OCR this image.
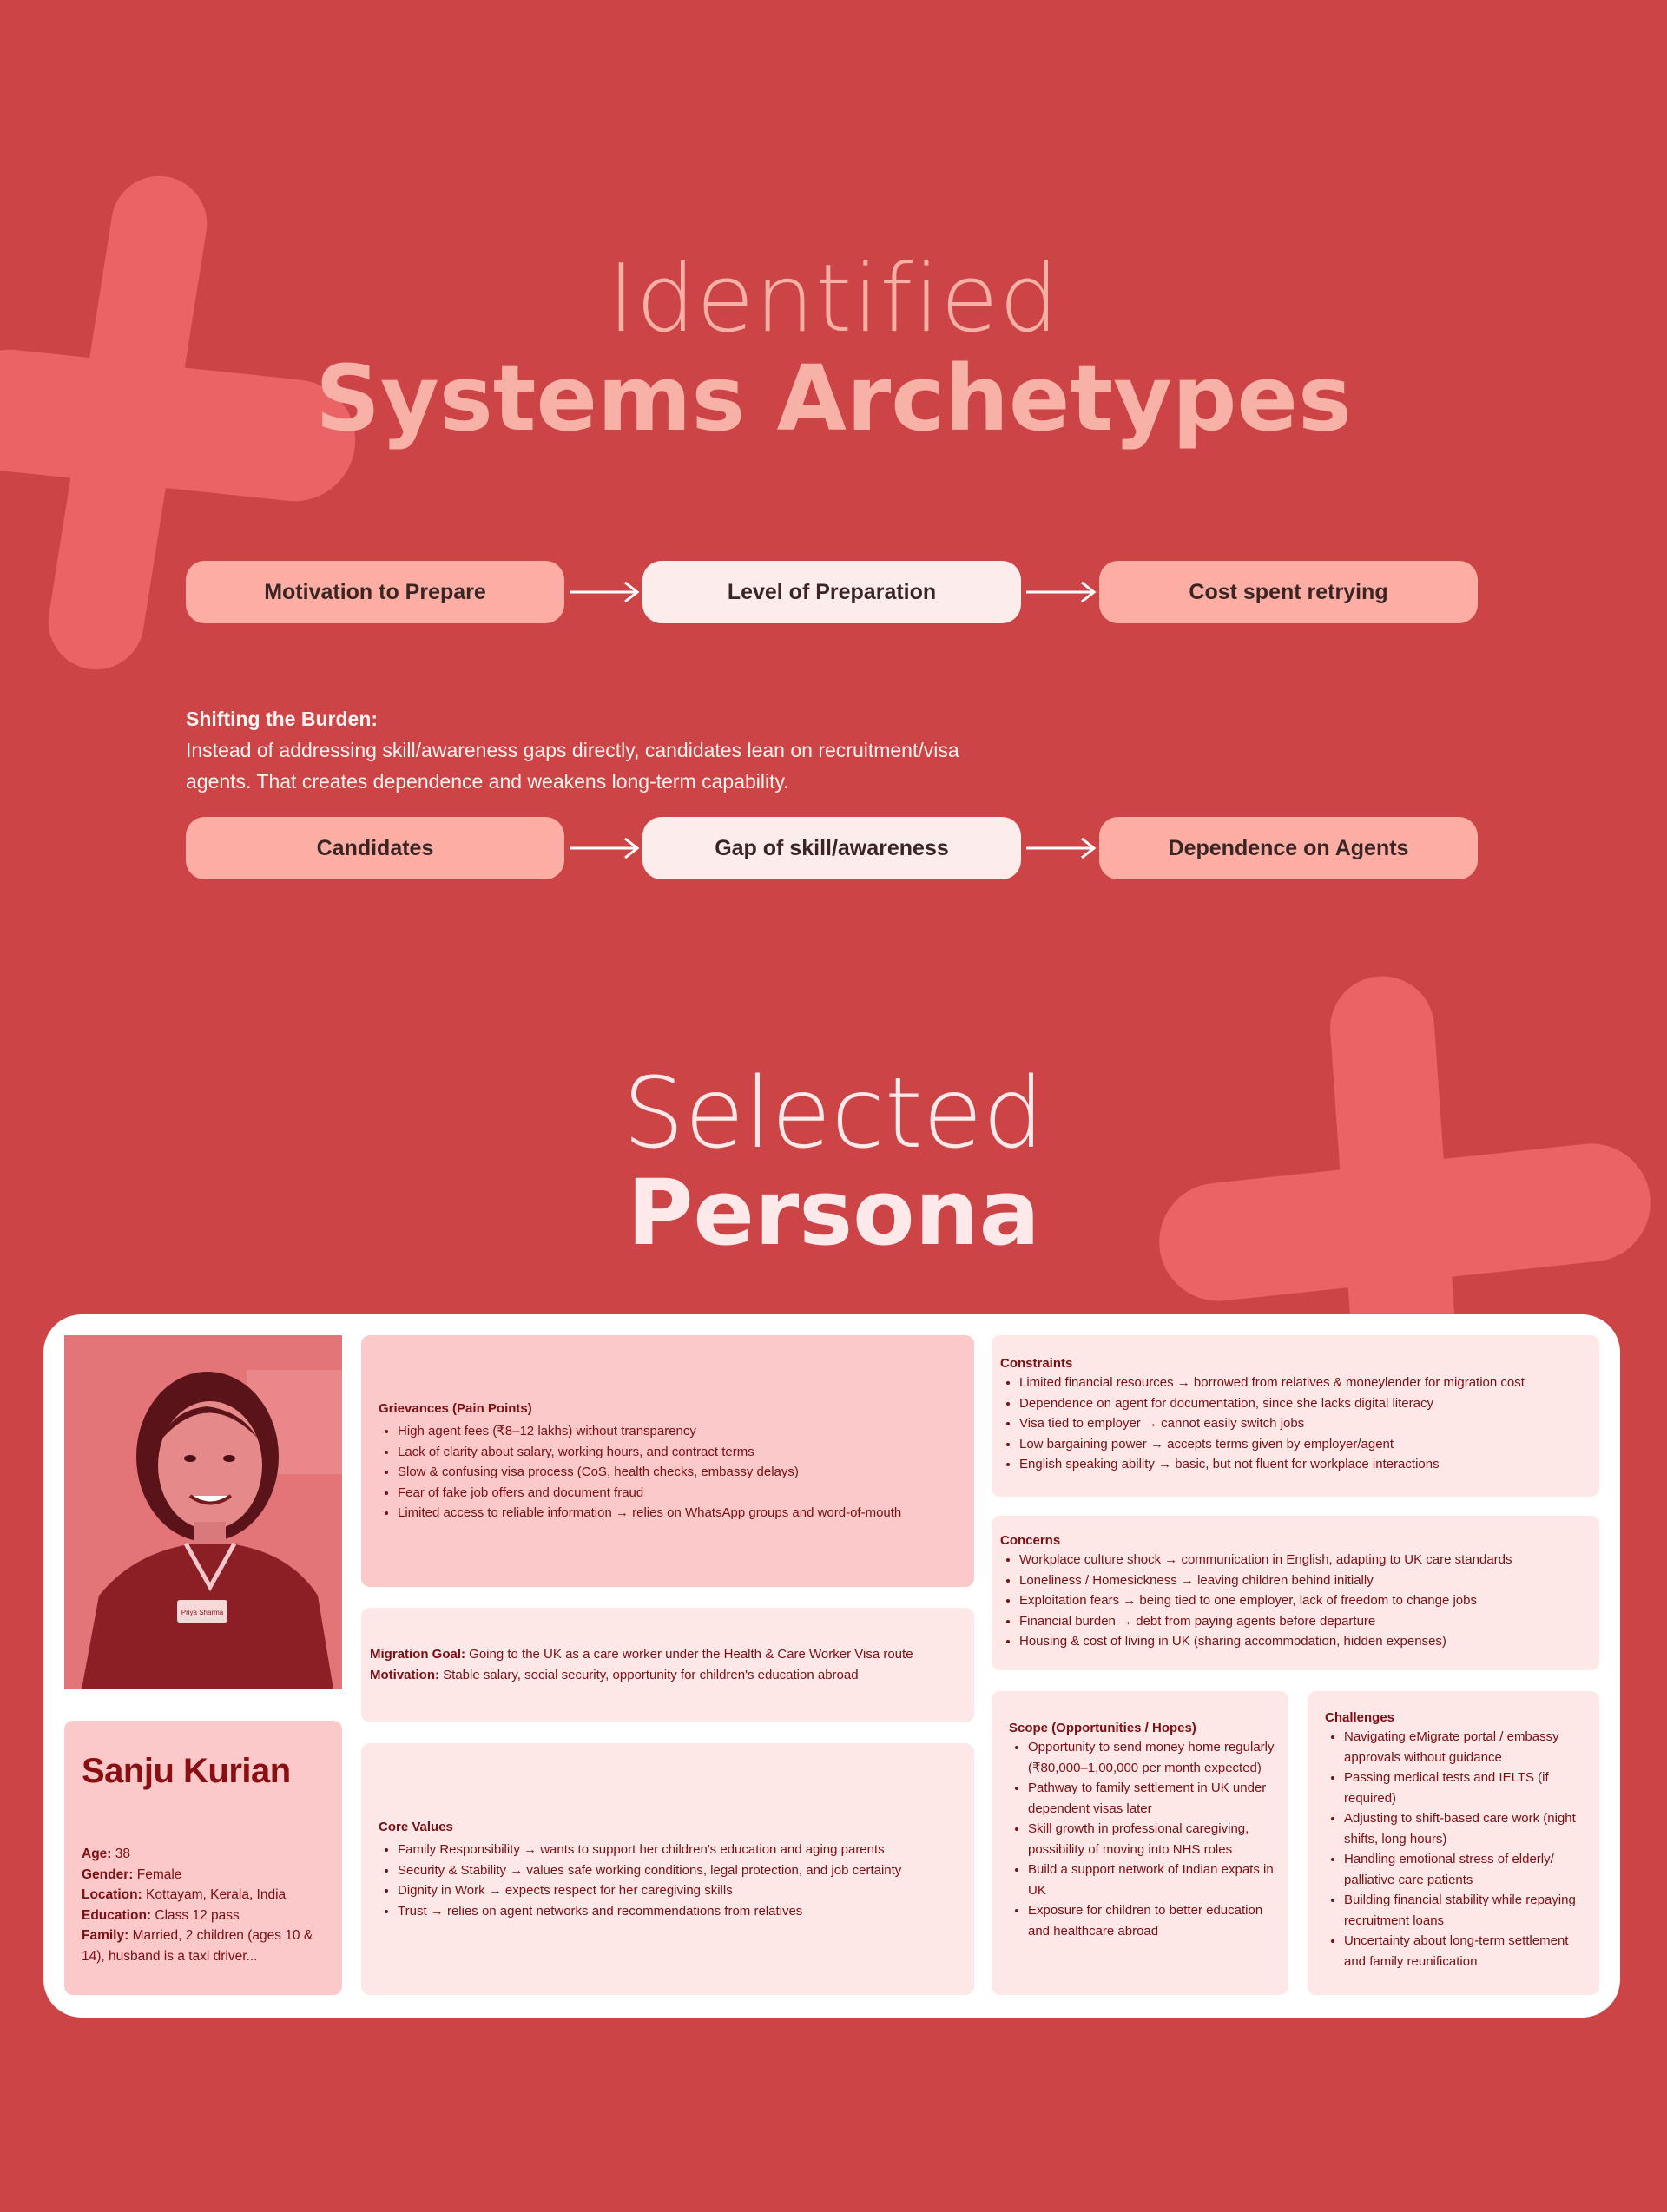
Identified
Systems Archetypes
Motivation to Prepare	Level of Preparation	Cost spent retrying
Shifting the Burden:
Instead of addressing skill/awareness gaps directly, candidates lean on recruitment/visa
agents. That creates dependence and weakens long-term capability.
Candidates	Gap of skill/awareness	Dependence on Agents
Selected
Persona
Priya Sharma
Sanju Kurian
Age: 38
Gender: Female
Location: Kottayam, Kerala, India
Education: Class 12 pass
Family: Married, 2 children (ages 10 &
14), husband is a taxi driver...
Grievances (Pain Points)
• High agent fees (₹8–12 lakhs) without transparency
• Lack of clarity about salary, working hours, and contract terms
• Slow & confusing visa process (CoS, health checks, embassy delays)
• Fear of fake job offers and document fraud
• Limited access to reliable information → relies on WhatsApp groups and word-of-mouth

Migration Goal: Going to the UK as a care worker under the Health & Care Worker Visa route

Motivation: Stable salary, social security, opportunity for children's education abroad

Core Values
• Family Responsibility → wants to support her children's education and aging parents
• Security & Stability → values safe working conditions, legal protection, and job certainty
• Dignity in Work → expects respect for her caregiving skills
• Trust → relies on agent networks and recommendations from relatives
Constraints
• Limited financial resources → borrowed from relatives & moneylender for migration cost
• Dependence on agent for documentation, since she lacks digital literacy
• Visa tied to employer → cannot easily switch jobs
• Low bargaining power → accepts terms given by employer/agent
• English speaking ability → basic, but not fluent for workplace interactions
Concerns
• Workplace culture shock → communication in English, adapting to UK care standards
• Loneliness / Homesickness → leaving children behind initially
• Exploitation fears → being tied to one employer, lack of freedom to change jobs
• Financial burden → debt from paying agents before departure
• Housing & cost of living in UK (sharing accommodation, hidden expenses)
Scope (Opportunities / Hopes)
• Opportunity to send money home regularly (₹80,000–1,00,000 per month expected)
• Pathway to family settlement in UK under dependent visas later
• Skill growth in professional caregiving, possibility of moving into NHS roles
• Build a support network of Indian expats in UK
• Exposure for children to better education and healthcare abroad
Challenges
• Navigating eMigrate portal / embassy approvals without guidance
• Passing medical tests and IELTS (if required)
• Adjusting to shift-based care work (night shifts, long hours)
• Handling emotional stress of elderly/ palliative care patients
• Building financial stability while repaying recruitment loans
• Uncertainty about long-term settlement and family reunification
